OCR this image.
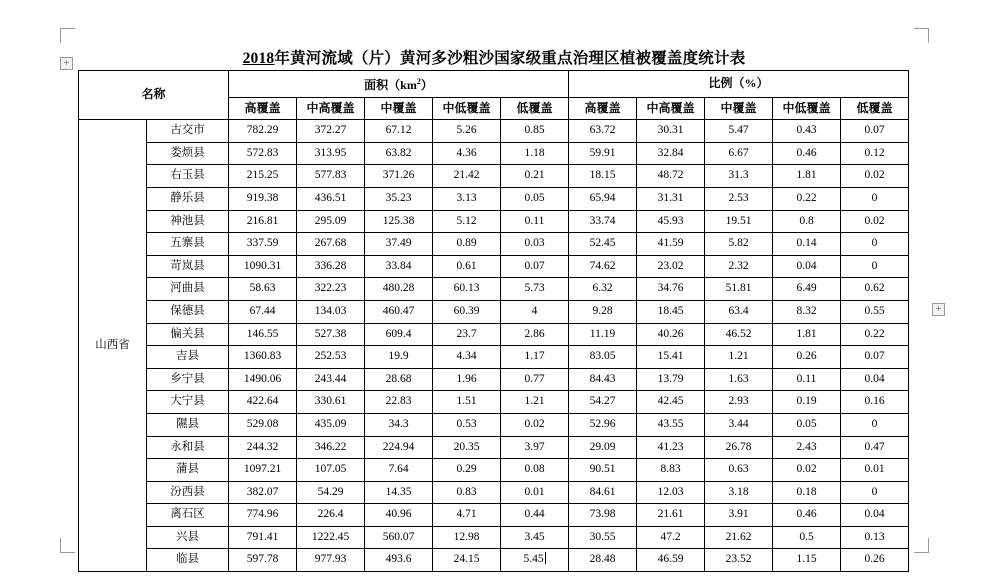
+
+
2018年黄河流域（片）黄河多沙粗沙国家级重点治理区植被覆盖度统计表
名称		面积$(km^2)$					比例（%）				
		高覆盖	中高覆盖	中覆盖	中低覆盖	低覆盖	高覆盖	中高覆盖	中覆盖	中低覆盖	低覆盖
山西省	古交市	782.29	372.27	67.12	5.26	0.85	63.72	30.31	5.47	0.43	0.07
	娄烦县	572.83	313.95	63.82	4.36	1.18	59.91	32.84	6.67	0.46	0.12
	右玉县	215.25	577.83	371.26	21.42	0.21	18.15	48.72	31.3	1.81	0.02
	静乐县	919.38	436.51	35.23	3.13	0.05	65.94	31.31	2.53	0.22	0
	神池县	216.81	295.09	125.38	5.12	0.11	33.74	45.93	19.51	0.8	0.02
	五寨县	337.59	267.68	37.49	0.89	0.03	52.45	41.59	5.82	0.14	0
	苛岚县	1090.31	336.28	33.84	0.61	0.07	74.62	23.02	2.32	0.04	0
	河曲县	58.63	322.23	480.28	60.13	5.73	6.32	34.76	51.81	6.49	0.62
	保德县	67.44	134.03	460.47	60.39	4	9.28	18.45	63.4	8.32	0.55
	偏关县	146.55	527.38	609.4	23.7	2.86	11.19	40.26	46.52	1.81	0.22
	吉县	1360.83	252.53	19.9	4.34	1.17	83.05	15.41	1.21	0.26	0.07
	乡宁县	1490.06	243.44	28.68	1.96	0.77	84.43	13.79	1.63	0.11	0.04
	大宁县	422.64	330.61	22.83	1.51	1.21	54.27	42.45	2.93	0.19	0.16
	隰县	529.08	435.09	34.3	0.53	0.02	52.96	43.55	3.44	0.05	0
	永和县	244.32	346.22	224.94	20.35	3.97	29.09	41.23	26.78	2.43	0.47
	蒲县	1097.21	107.05	7.64	0.29	0.08	90.51	8.83	0.63	0.02	0.01
	汾西县	382.07	54.29	14.35	0.83	0.01	84.61	12.03	3.18	0.18	0
	离石区	774.96	226.4	40.96	4.71	0.44	73.98	21.61	3.91	0.46	0.04
	兴县	791.41	1222.45	560.07	12.98	3.45	30.55	47.2	21.62	0.5	0.13
	临县	597.78	977.93	493.6	24.15	5.45	28.48	46.59	23.52	1.15	0.26
